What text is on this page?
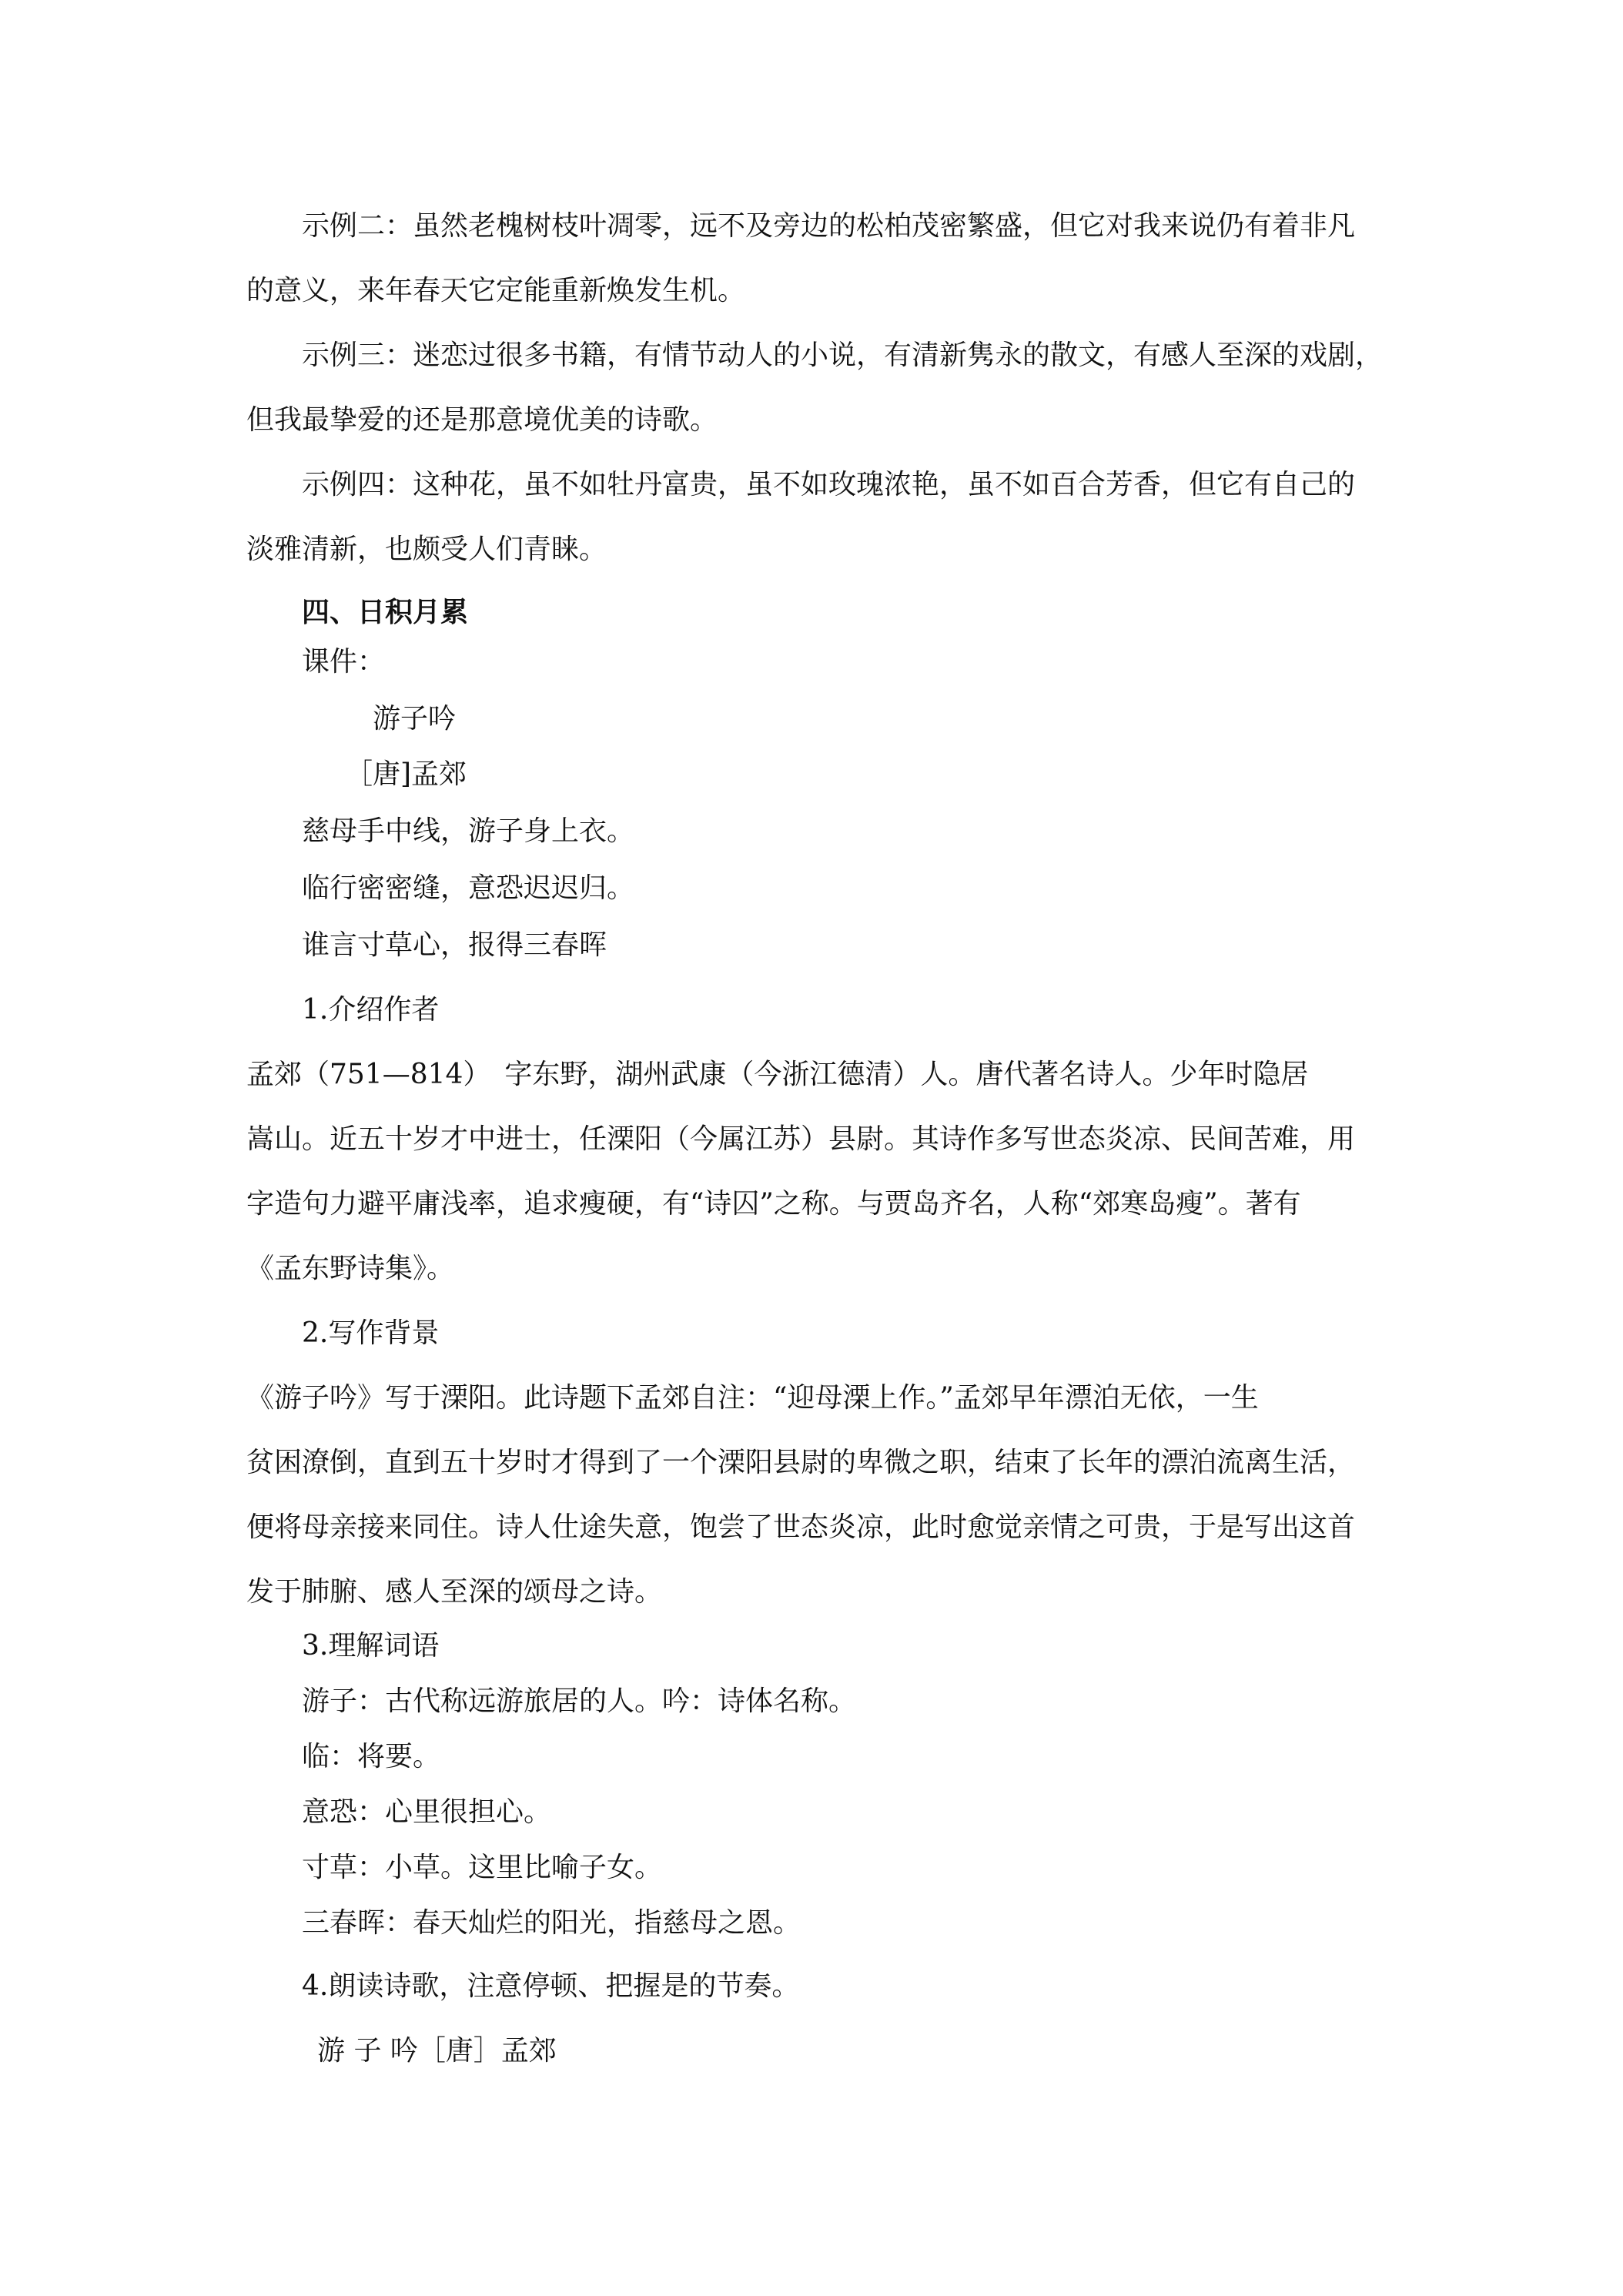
示例二：虽然老槐树枝叶凋零，远不及旁边的松柏茂密繁盛，但它对我来说仍有着非凡

的意义，来年春天它定能重新焕发生机。

示例三：迷恋过很多书籍，有情节动人的小说，有清新隽永的散文，有感人至深的戏剧，

但我最挚爱的还是那意境优美的诗歌。

示例四：这种花，虽不如牡丹富贵，虽不如玫瑰浓艳，虽不如百合芳香，但它有自己的

淡雅清新，也颇受人们青睐。

四、日积月累

课件：

游子吟

［唐]孟郊

慈母手中线，游子身上衣。

临行密密缝，意恐迟迟归。

谁言寸草心，报得三春晖

1.介绍作者

孟郊（751—814）　字东野，湖州武康（今浙江德清）人。唐代著名诗人。少年时隐居

嵩山。近五十岁才中进士，任溧阳（今属江苏）县尉。其诗作多写世态炎凉、民间苦难，用

字造句力避平庸浅率，追求瘦硬，有“诗囚”之称。与贾岛齐名，人称“郊寒岛瘦”。著有

《孟东野诗集》。

2.写作背景

《游子吟》写于溧阳。此诗题下孟郊自注：“迎母溧上作。”孟郊早年漂泊无依，一生

贫困潦倒，直到五十岁时才得到了一个溧阳县尉的卑微之职，结束了长年的漂泊流离生活，

便将母亲接来同住。诗人仕途失意，饱尝了世态炎凉，此时愈觉亲情之可贵，于是写出这首

发于肺腑、感人至深的颂母之诗。

3.理解词语

游子：古代称远游旅居的人。吟：诗体名称。

临：将要。

意恐：心里很担心。

寸草：小草。这里比喻子女。

三春晖：春天灿烂的阳光，指慈母之恩。

4.朗读诗歌，注意停顿、把握是的节奏。

游 子 吟［唐］孟郊
